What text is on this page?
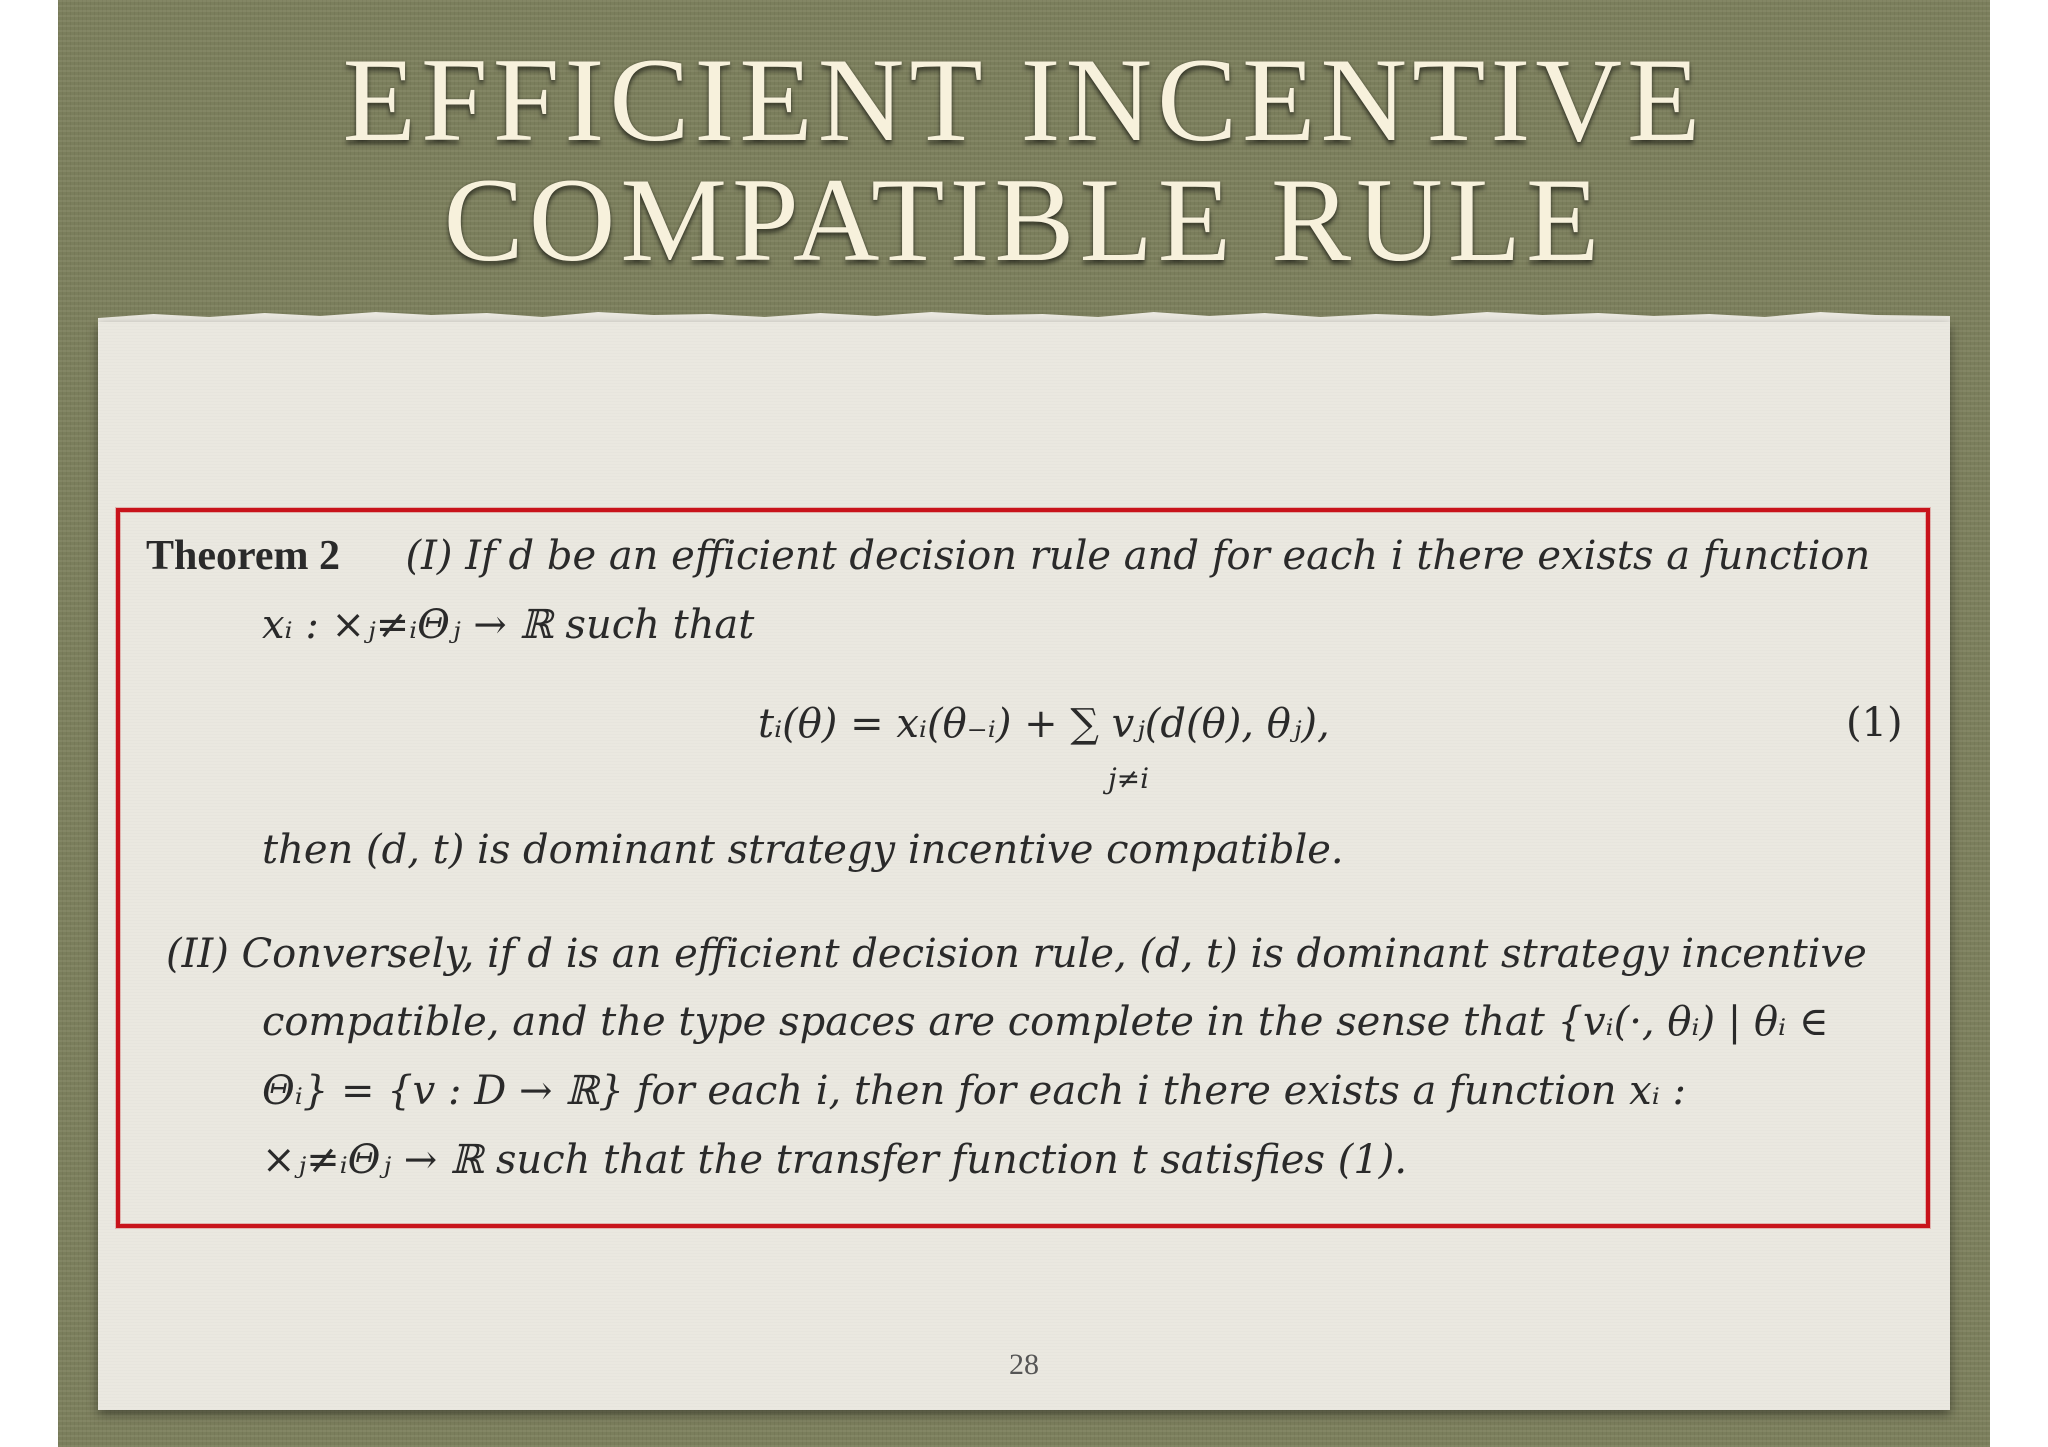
EFFICIENT INCENTIVE
COMPATIBLE RULE

Theorem 2 (I) If d be an efficient decision rule and for each i there exists a function

xᵢ : ×ⱼ≠ᵢΘⱼ → ℝ such that

tᵢ(θ) = xᵢ(θ₋ᵢ) + ∑ vⱼ(d(θ), θⱼ),

j≠i
(1)

then (d, t) is dominant strategy incentive compatible.

(II) Conversely, if d is an efficient decision rule, (d, t) is dominant strategy incentive

compatible, and the type spaces are complete in the sense that {vᵢ(·, θᵢ) | θᵢ ∈

Θᵢ} = {v : D → ℝ} for each i, then for each i there exists a function xᵢ :

×ⱼ≠ᵢΘⱼ → ℝ such that the transfer function t satisfies (1).

28
